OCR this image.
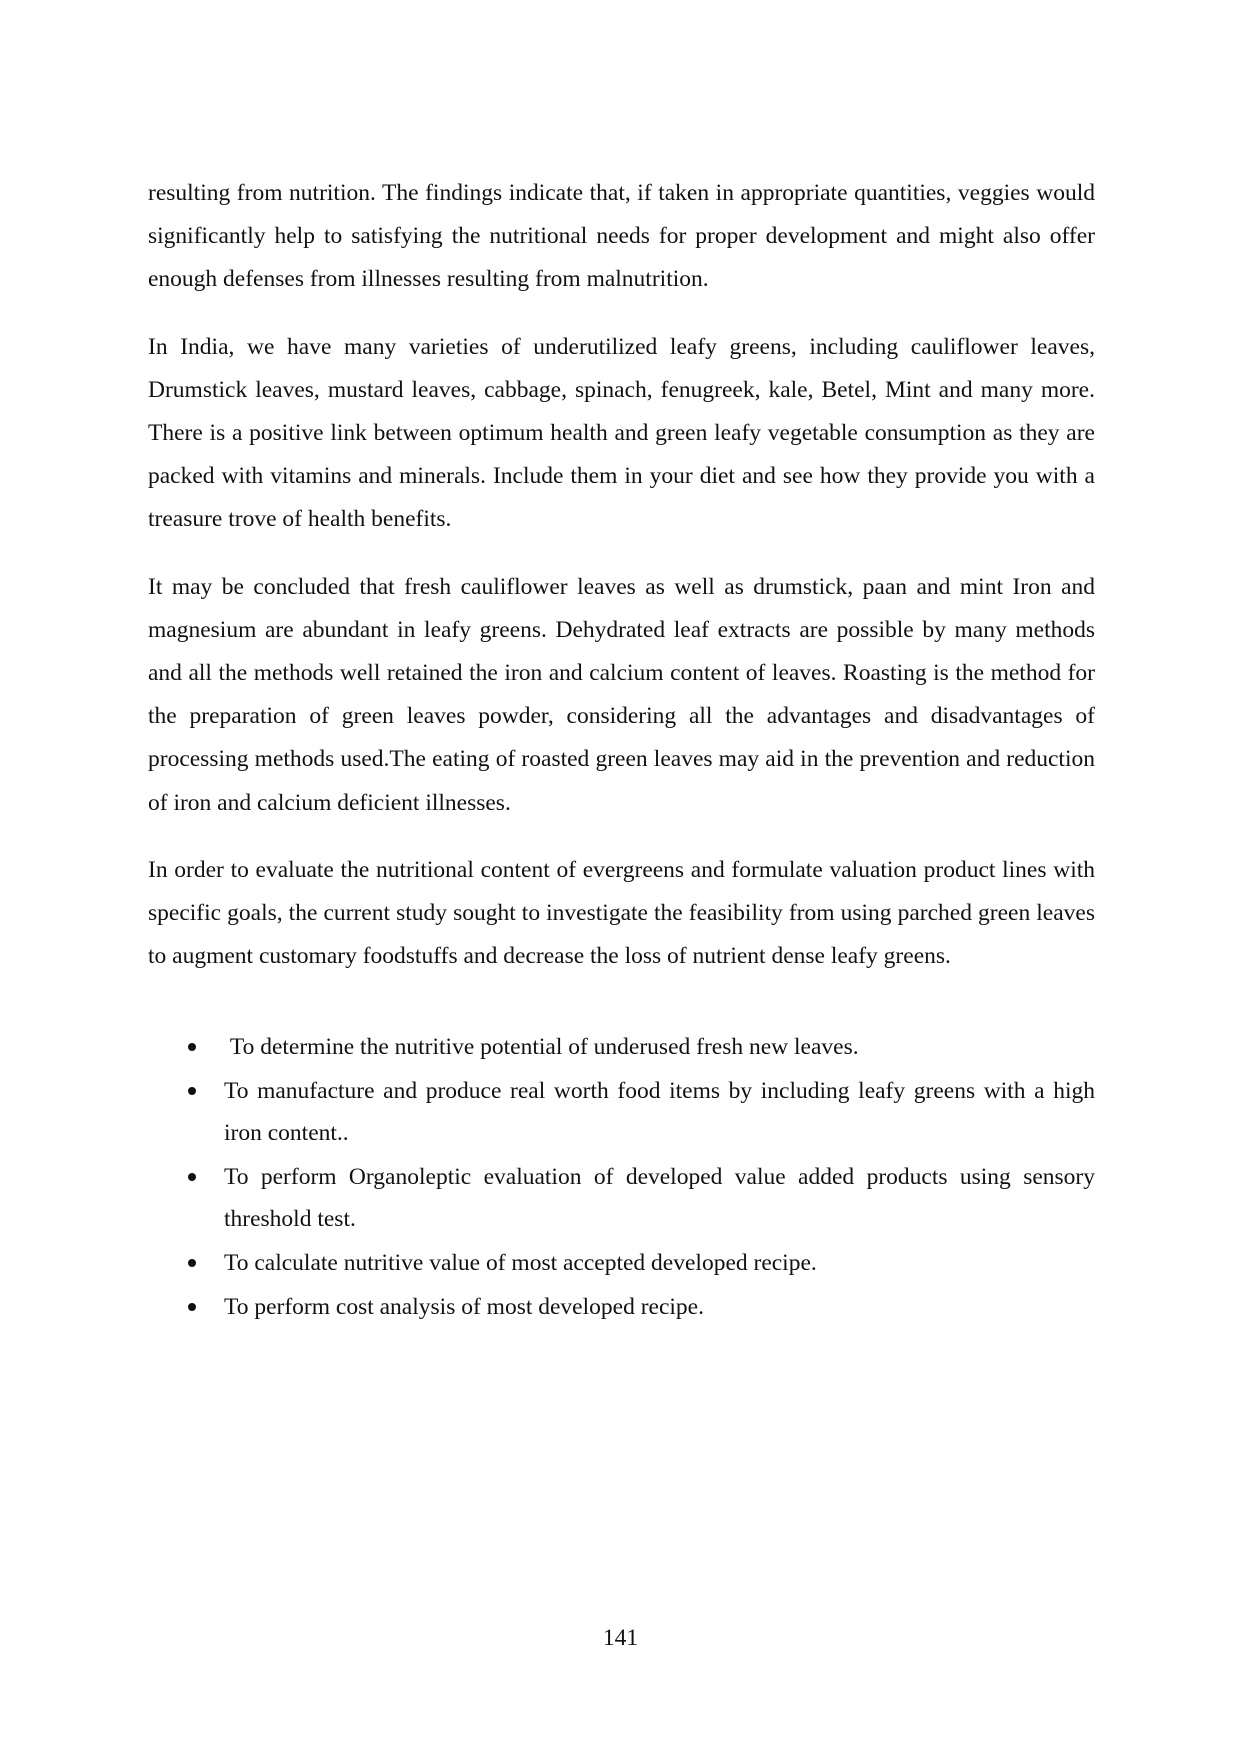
resulting from nutrition. The findings indicate that, if taken in appropriate quantities, veggies would significantly help to satisfying the nutritional needs for proper development and might also offer enough defenses from illnesses resulting from malnutrition.

In India, we have many varieties of underutilized leafy greens, including cauliflower leaves, Drumstick leaves, mustard leaves, cabbage, spinach, fenugreek, kale, Betel, Mint and many more. There is a positive link between optimum health and green leafy vegetable consumption as they are packed with vitamins and minerals. Include them in your diet and see how they provide you with a treasure trove of health benefits.

It may be concluded that fresh cauliflower leaves as well as drumstick, paan and mint Iron and magnesium are abundant in leafy greens. Dehydrated leaf extracts are possible by many methods and all the methods well retained the iron and calcium content of leaves. Roasting is the method for the preparation of green leaves powder, considering all the advantages and disadvantages of processing methods used.The eating of roasted green leaves may aid in the prevention and reduction of iron and calcium deficient illnesses.

In order to evaluate the nutritional content of evergreens and formulate valuation product lines with specific goals, the current study sought to investigate the feasibility from using parched green leaves to augment customary foodstuffs and decrease the loss of nutrient dense leafy greens.

To determine the nutritive potential of underused fresh new leaves.
To manufacture and produce real worth food items by including leafy greens with a high iron content..
To perform Organoleptic evaluation of developed value added products using sensory threshold test.
To calculate nutritive value of most accepted developed recipe.
To perform cost analysis of most developed recipe.
141
